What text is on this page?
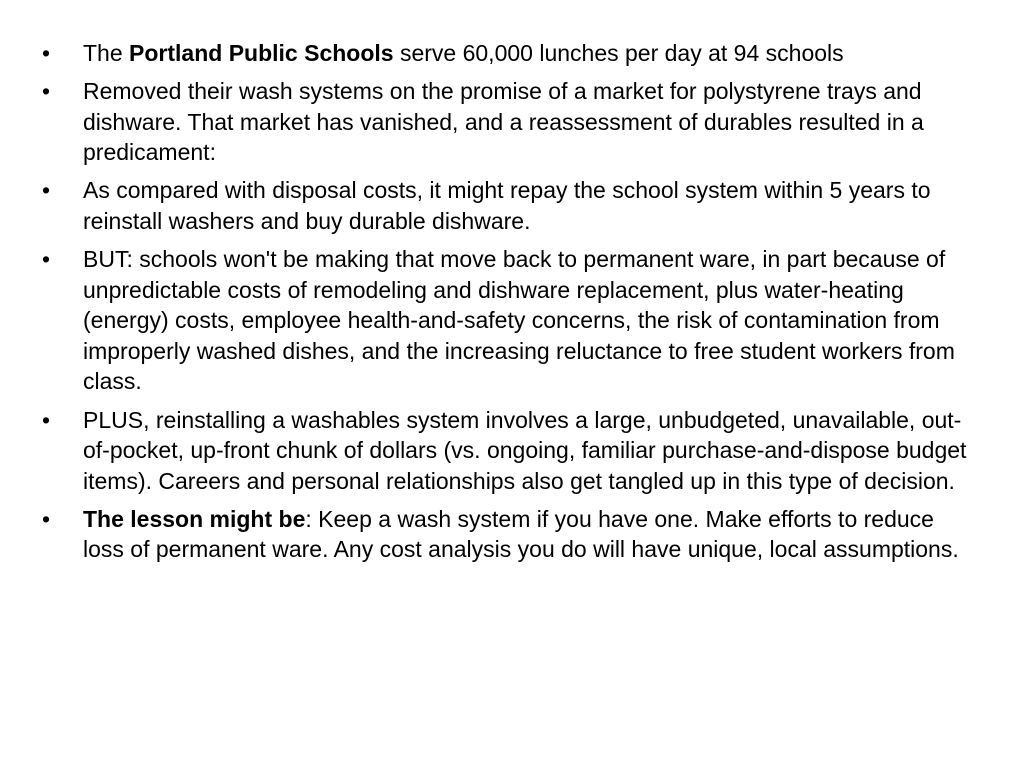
• The Portland Public Schools serve 60,000 lunches per day at 94 schools
• Removed their wash systems on the promise of a market for polystyrene trays and dishware. That market has vanished, and a reassessment of durables resulted in a predicament:
• As compared with disposal costs, it might repay the school system within 5 years to reinstall washers and buy durable dishware.
• BUT: schools won't be making that move back to permanent ware, in part because of unpredictable costs of remodeling and dishware replacement, plus water-heating (energy) costs, employee health-and-safety concerns, the risk of contamination from improperly washed dishes, and the increasing reluctance to free student workers from class.
• PLUS, reinstalling a washables system involves a large, unbudgeted, unavailable, out-of-pocket, up-front chunk of dollars (vs. ongoing, familiar purchase-and-dispose budget items). Careers and personal relationships also get tangled up in this type of decision.
• The lesson might be: Keep a wash system if you have one. Make efforts to reduce loss of permanent ware. Any cost analysis you do will have unique, local assumptions.
